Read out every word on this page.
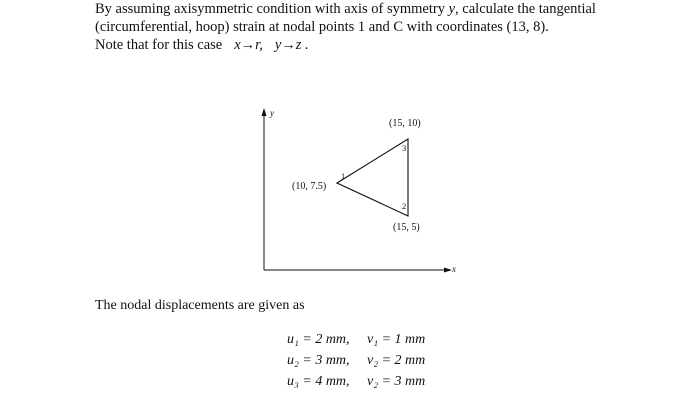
By assuming axisymmetric condition with axis of symmetry y, calculate the tangential

(circumferential, hoop) strain at nodal points 1 and C with coordinates (13, 8).

Note that for this case x→r, y→z .

y
x
(15, 10)
(10, 7.5)
(15, 5)
1
2
3

The nodal displacements are given as

u₁ = 2 mm,	v₁ = 1 mm
u₂ = 3 mm,	v₂ = 2 mm
u₃ = 4 mm,	v₂ = 3 mm
